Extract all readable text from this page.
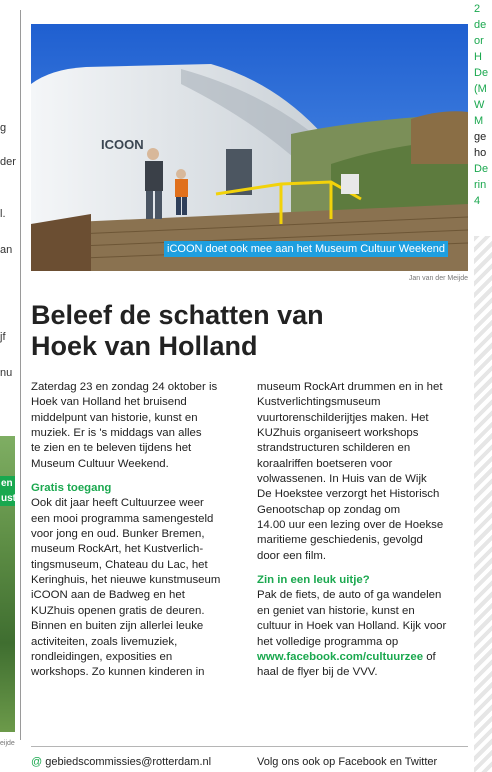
g
der
l.
an
jf
nu
en
ust
eijde
2
de
or
H
De
(M
W
M
ge
ho
De
rin
4
ICOON
iCOON doet ook mee aan het Museum Cultuur Weekend
Jan van der Meijde
Beleef de schatten van
Hoek van Holland

Zaterdag 23 en zondag 24 oktober is

Hoek van Holland het bruisend

middelpunt van historie, kunst en

muziek. Er is 's middags van alles

te zien en te beleven tijdens het

Museum Cultuur Weekend.

Gratis toegang

Ook dit jaar heeft Cultuurzee weer

een mooi programma samengesteld

voor jong en oud. Bunker Bremen,

museum RockArt, het Kustverlich-

tingsmuseum, Chateau du Lac, het

Keringhuis, het nieuwe kunstmuseum

iCOON aan de Badweg en het

KUZhuis openen gratis de deuren.

Binnen en buiten zijn allerlei leuke

activiteiten, zoals livemuziek,

rondleidingen, exposities en

workshops. Zo kunnen kinderen in

museum RockArt drummen en in het

Kustverlichtingsmuseum

vuurtorenschilderijtjes maken. Het

KUZhuis organiseert workshops

strandstructuren schilderen en

koraalriffen boetseren voor

volwassenen. In Huis van de Wijk

De Hoekstee verzorgt het Historisch

Genootschap op zondag om

14.00 uur een lezing over de Hoekse

maritieme geschiedenis, gevolgd

door een film.

Zin in een leuk uitje?

Pak de fiets, de auto of ga wandelen

en geniet van historie, kunst en

cultuur in Hoek van Holland. Kijk voor

het volledige programma op

www.facebook.com/cultuurzee of

haal de flyer bij de VVV.

@ gebiedscommissies@rotterdam.nl	Volg ons ook op Facebook en Twitter
